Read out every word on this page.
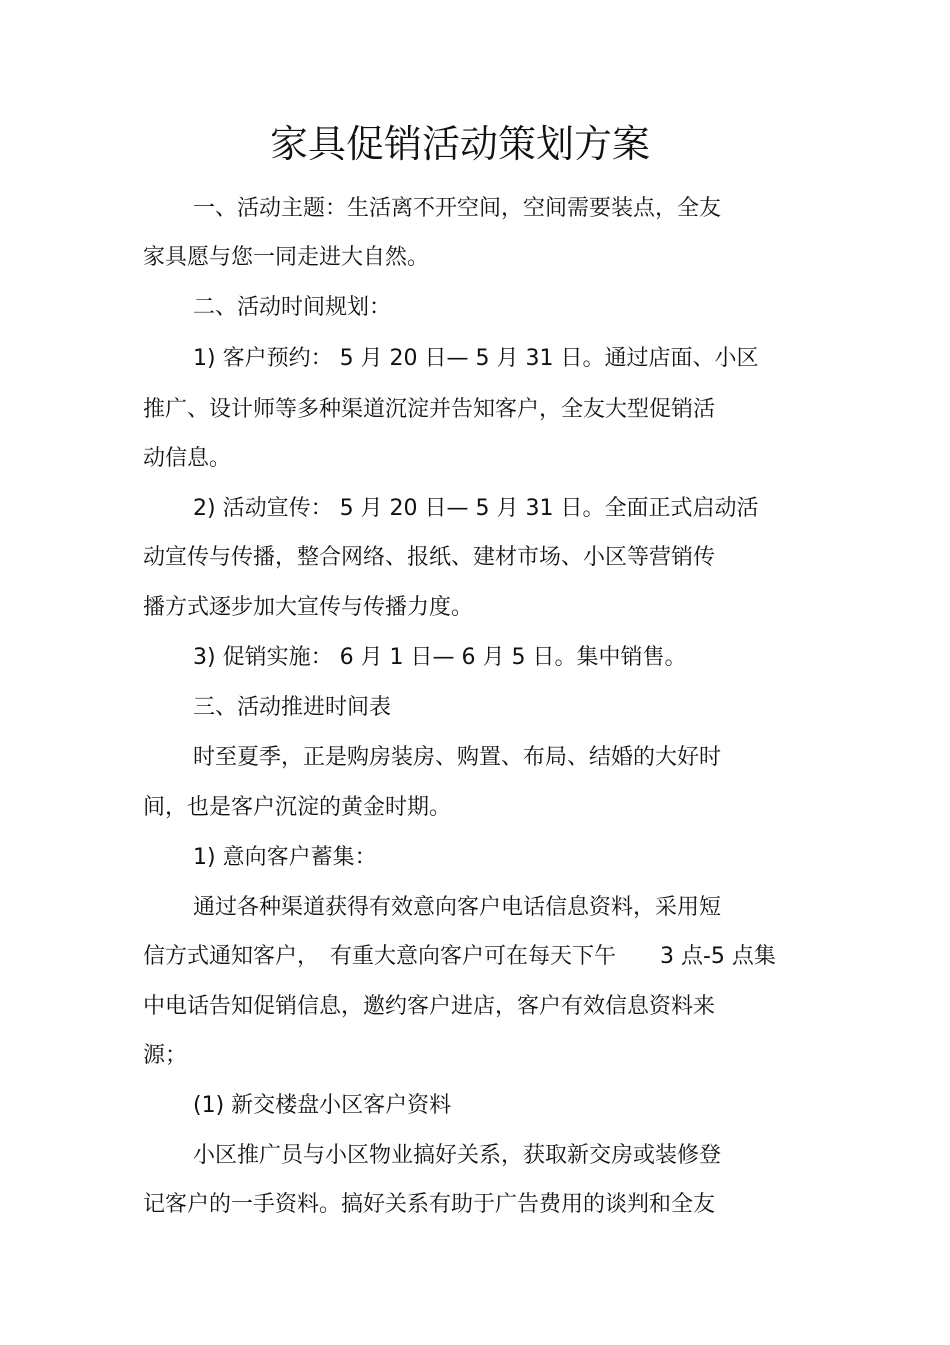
家具促销活动策划方案
一、活动主题：生活离不开空间，空间需要装点，全友
家具愿与您一同走进大自然。
二、活动时间规划：
1) 客户预约： 5 月 20 日— 5 月 31 日。通过店面、小区
推广、设计师等多种渠道沉淀并告知客户，全友大型促销活
动信息。
2) 活动宣传： 5 月 20 日— 5 月 31 日。全面正式启动活
动宣传与传播，整合网络、报纸、建材市场、小区等营销传
播方式逐步加大宣传与传播力度。
3) 促销实施： 6 月 1 日— 6 月 5 日。集中销售。
三、活动推进时间表
时至夏季，正是购房装房、购置、布局、结婚的大好时
间，也是客户沉淀的黄金时期。
1) 意向客户蓄集：
通过各种渠道获得有效意向客户电话信息资料，采用短
信方式通知客户，　有重大意向客户可在每天下午　　3 点-5 点集
中电话告知促销信息，邀约客户进店，客户有效信息资料来
源；
(1) 新交楼盘小区客户资料
小区推广员与小区物业搞好关系，获取新交房或装修登
记客户的一手资料。搞好关系有助于广告费用的谈判和全友
